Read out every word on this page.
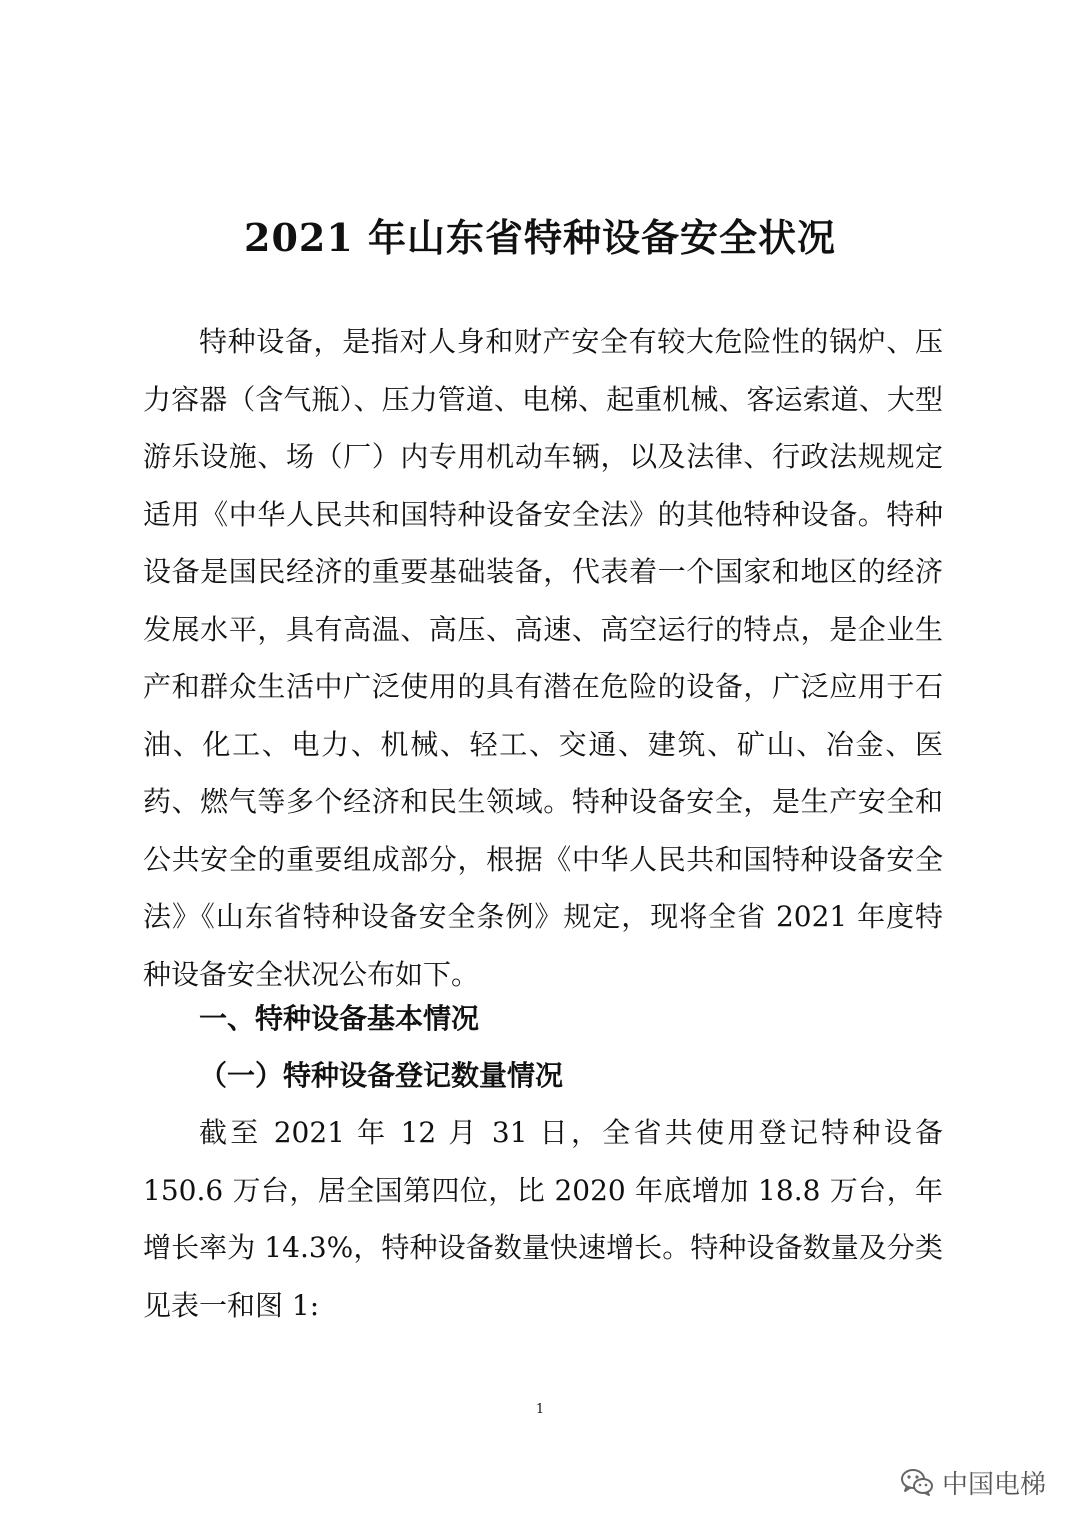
2021 年山东省特种设备安全状况

特种设备，是指对人身和财产安全有较大危险性的锅炉、压力容器（含气瓶）、压力管道、电梯、起重机械、客运索道、大型游乐设施、场（厂）内专用机动车辆，以及法律、行政法规规定适用《中华人民共和国特种设备安全法》的其他特种设备。特种设备是国民经济的重要基础装备，代表着一个国家和地区的经济发展水平，具有高温、高压、高速、高空运行的特点，是企业生产和群众生活中广泛使用的具有潜在危险的设备，广泛应用于石油、化工、电力、机械、轻工、交通、建筑、矿山、冶金、医药、燃气等多个经济和民生领域。特种设备安全，是生产安全和公共安全的重要组成部分，根据《中华人民共和国特种设备安全法》《山东省特种设备安全条例》规定，现将全省 2021 年度特种设备安全状况公布如下。

一、特种设备基本情况
（一）特种设备登记数量情况

截至 2021 年 12 月 31 日，全省共使用登记特种设备 150.6 万台，居全国第四位，比 2020 年底增加 18.8 万台，年增长率为 14.3%，特种设备数量快速增长。特种设备数量及分类见表一和图 1:

1
中国电梯
